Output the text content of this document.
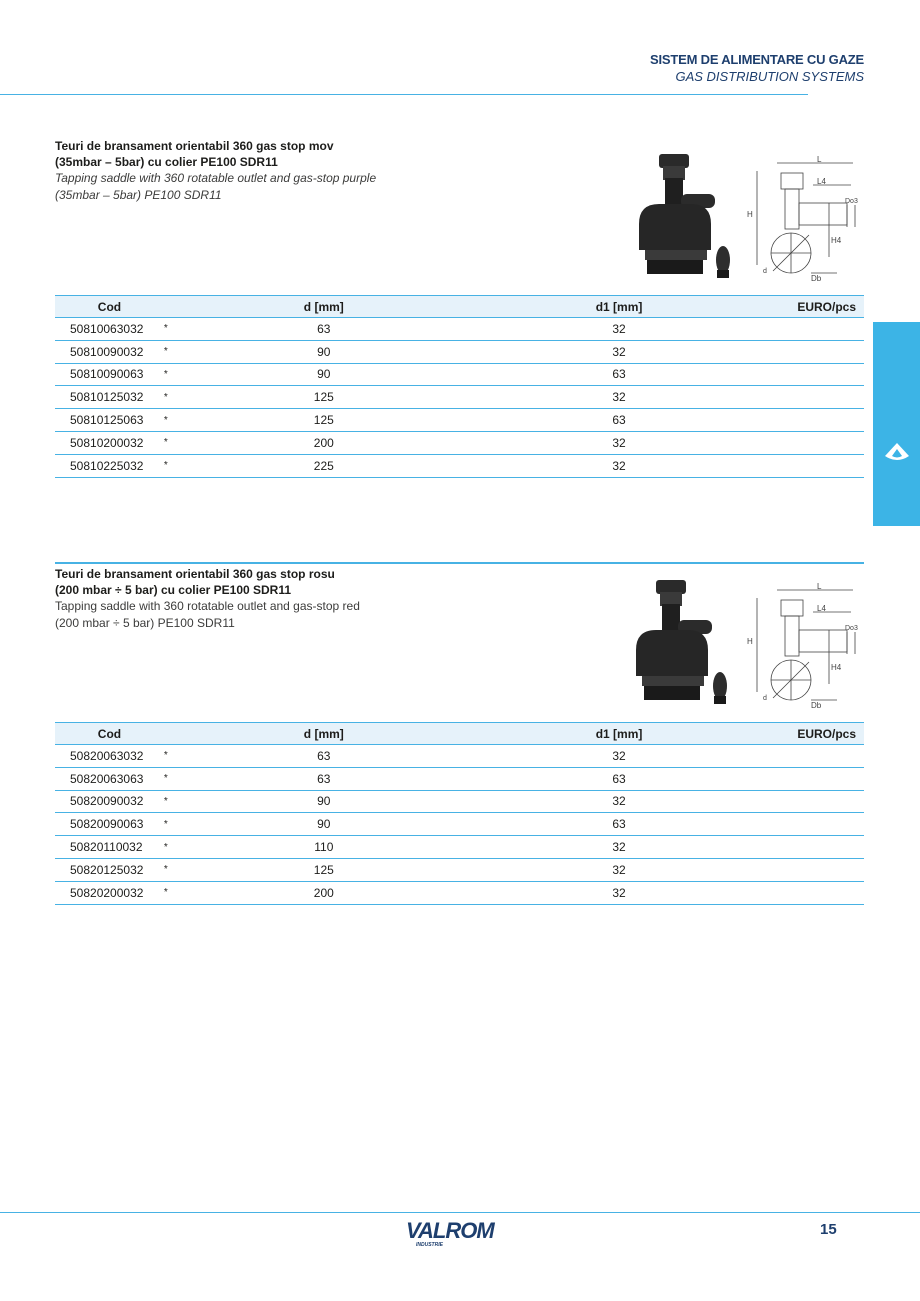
SISTEM DE ALIMENTARE CU GAZE
GAS DISTRIBUTION SYSTEMS
Gaz / Gas
Teuri de bransament orientabil 360 gas stop mov
(35mbar – 5bar) cu colier PE100 SDR11
Tapping saddle with 360 rotatable outlet and gas-stop purple
(35mbar – 5bar) PE100 SDR11
L
L4
H
H4
Do3
Db
d
Cod		d [mm]	d1 [mm]	EURO/pcs
50810063032	*	63	32	
50810090032	*	90	32	
50810090063	*	90	63	
50810125032	*	125	32	
50810125063	*	125	63	
50810200032	*	200	32	
50810225032	*	225	32	
Teuri de bransament orientabil 360 gas stop rosu
(200 mbar ÷ 5 bar) cu colier PE100 SDR11
Tapping saddle with 360 rotatable outlet and gas-stop red
(200 mbar ÷ 5 bar) PE100 SDR11
L
L4
H
H4
Do3
Db
d
Cod		d [mm]	d1 [mm]	EURO/pcs
50820063032	*	63	32	
50820063063	*	63	63	
50820090032	*	90	32	
50820090063	*	90	63	
50820110032	*	110	32	
50820125032	*	125	32	
50820200032	*	200	32	
VALROM
INDUSTRIE
15
